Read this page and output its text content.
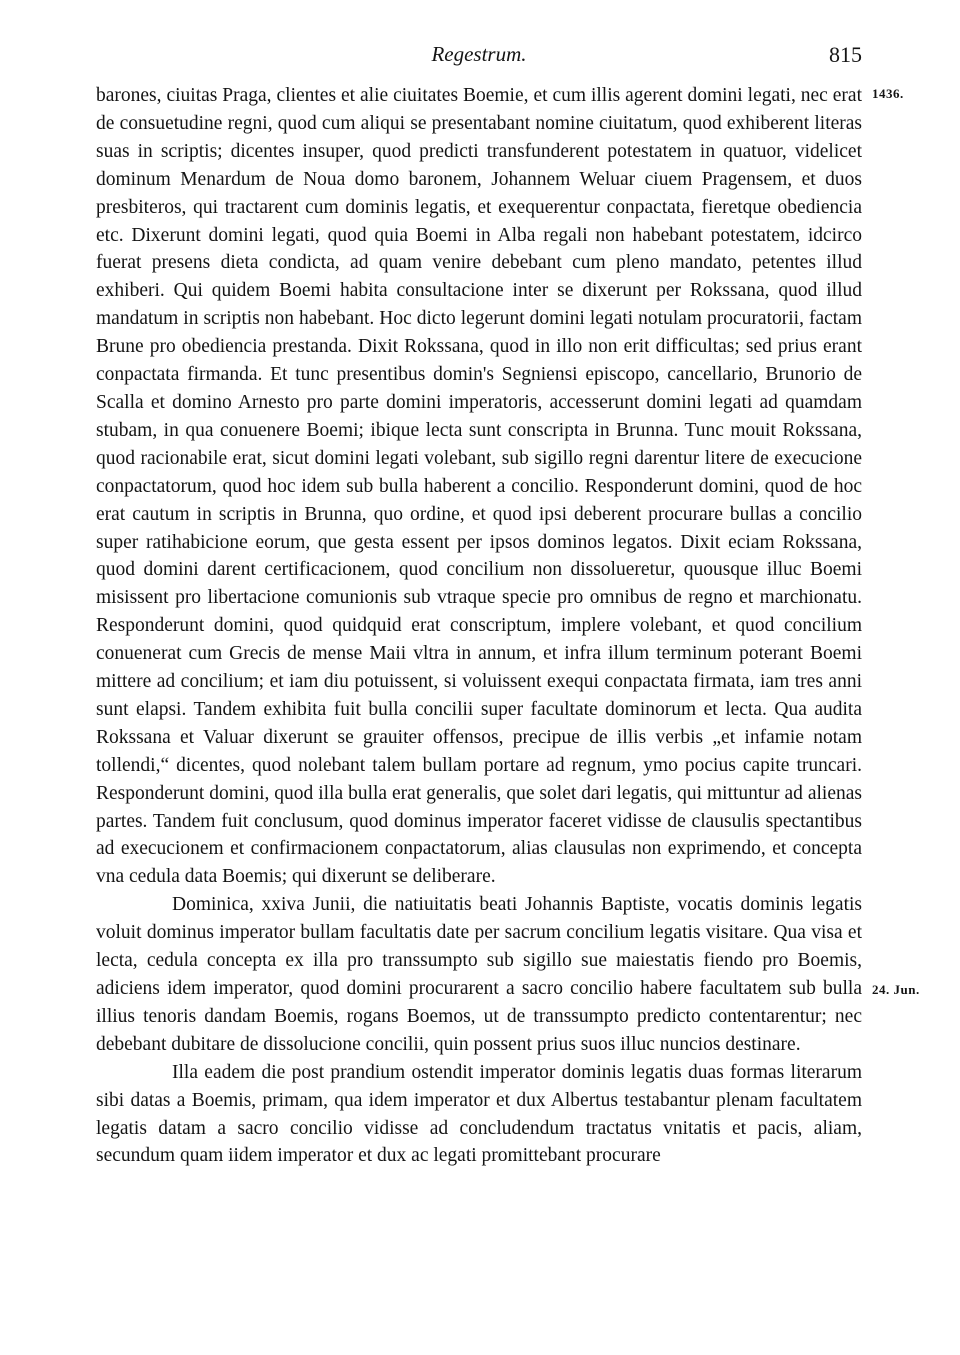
Regestrum.	815
1436.
24. Jun.

barones, ciuitas Praga, clientes et alie ciuitates Boemie, et cum illis agerent domini legati, nec erat de consuetudine regni, quod cum aliqui se presentabant nomine ciuitatum, quod exhiberent literas suas in scriptis; dicentes insuper, quod predicti transfunderent potestatem in quatuor, videlicet dominum Menardum de Noua domo baronem, Johannem Weluar ciuem Pragensem, et duos presbiteros, qui tractarent cum dominis legatis, et exequerentur conpactata, fieretque obediencia etc. Dixerunt domini legati, quod quia Boemi in Alba regali non habebant potestatem, idcirco fuerat presens dieta condicta, ad quam venire debebant cum pleno mandato, petentes illud exhiberi. Qui quidem Boemi habita consultacione inter se dixerunt per Rokssana, quod illud mandatum in scriptis non habebant. Hoc dicto legerunt domini legati notulam procuratorii, factam Brune pro obediencia prestanda. Dixit Rokssana, quod in illo non erit difficultas; sed prius erant conpactata firmanda. Et tunc presentibus domin's Segniensi episcopo, cancellario, Brunorio de Scalla et domino Arnesto pro parte domini imperatoris, accesserunt domini legati ad quamdam stubam, in qua conuenere Boemi; ibique lecta sunt conscripta in Brunna. Tunc mouit Rokssana, quod racionabile erat, sicut domini legati volebant, sub sigillo regni darentur litere de execucione conpactatorum, quod hoc idem sub bulla haberent a concilio. Responderunt domini, quod de hoc erat cautum in scriptis in Brunna, quo ordine, et quod ipsi deberent procurare bullas a concilio super ratihabicione eorum, que gesta essent per ipsos dominos legatos. Dixit eciam Rokssana, quod domini darent certificacionem, quod concilium non dissolueretur, quousque illuc Boemi misissent pro libertacione comunionis sub vtraque specie pro omnibus de regno et marchionatu. Responderunt domini, quod quidquid erat conscriptum, implere volebant, et quod concilium conuenerat cum Grecis de mense Maii vltra in annum, et infra illum terminum poterant Boemi mittere ad concilium; et iam diu potuissent, si voluissent exequi conpactata firmata, iam tres anni sunt elapsi. Tandem exhibita fuit bulla concilii super facultate dominorum et lecta. Qua audita Rokssana et Valuar dixerunt se grauiter offensos, precipue de illis verbis „et infamie notam tollendi,“ dicentes, quod nolebant talem bullam portare ad regnum, ymo pocius capite truncari. Responderunt domini, quod illa bulla erat generalis, que solet dari legatis, qui mittuntur ad alienas partes. Tandem fuit conclusum, quod dominus imperator faceret vidisse de clausulis spectantibus ad execucionem et confirmacionem conpactatorum, alias clausulas non exprimendo, et concepta vna cedula data Boemis; qui dixerunt se deliberare.

Dominica, xxiva Junii, die natiuitatis beati Johannis Baptiste, vocatis dominis legatis voluit dominus imperator bullam facultatis date per sacrum concilium legatis visitare. Qua visa et lecta, cedula concepta ex illa pro transsumpto sub sigillo sue maiestatis fiendo pro Boemis, adiciens idem imperator, quod domini procurarent a sacro concilio habere facultatem sub bulla illius tenoris dandam Boemis, rogans Boemos, ut de transsumpto predicto contentarentur; nec debebant dubitare de dissolucione concilii, quin possent prius suos illuc nuncios destinare.

Illa eadem die post prandium ostendit imperator dominis legatis duas formas literarum sibi datas a Boemis, primam, qua idem imperator et dux Albertus testabantur plenam facultatem legatis datam a sacro concilio vidisse ad concludendum tractatus vnitatis et pacis, aliam, secundum quam iidem imperator et dux ac legati promittebant procurare
